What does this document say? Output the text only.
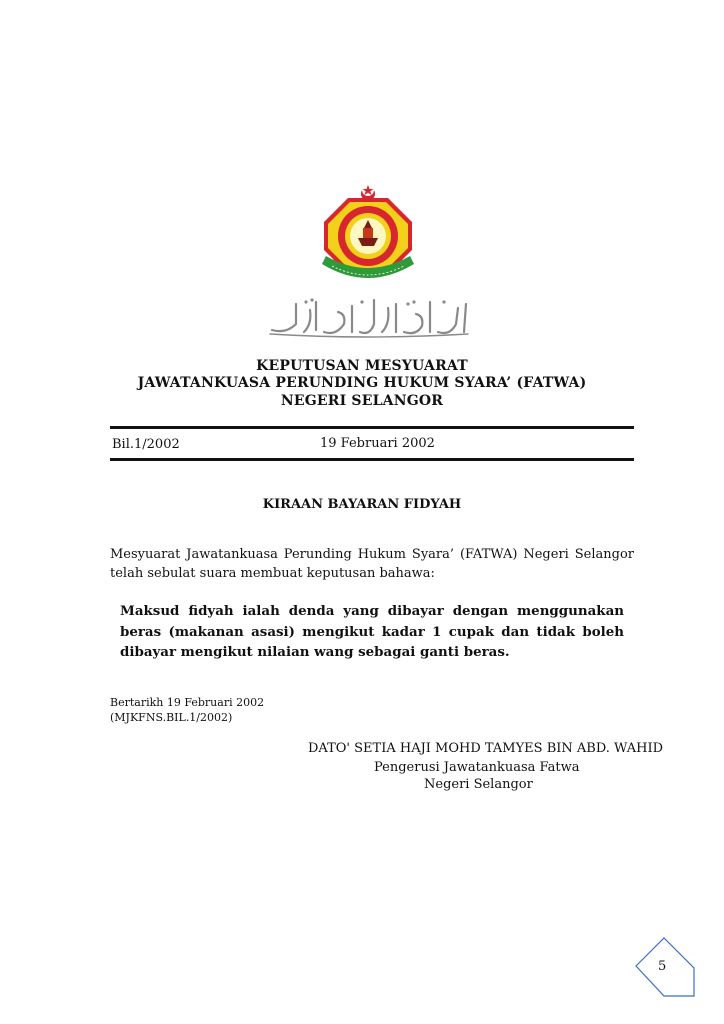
KEPUTUSAN MESYUARAT
JAWATANKUASA PERUNDING HUKUM SYARA’ (FATWA)
NEGERI SELANGOR
Bil.1/2002	19 Februari 2002
KIRAAN BAYARAN FIDYAH
Mesyuarat Jawatankuasa Perunding Hukum Syara’ (FATWA) Negeri Selangor telah sebulat suara membuat keputusan bahawa:
Maksud fidyah ialah denda yang dibayar dengan menggunakan beras (makanan asasi) mengikut kadar 1 cupak dan tidak boleh dibayar mengikut nilaian wang sebagai ganti beras.
Bertarikh 19 Februari 2002
(MJKFNS.BIL.1/2002)
DATO' SETIA HAJI MOHD TAMYES BIN ABD. WAHID
Pengerusi Jawatankuasa Fatwa
Negeri Selangor
5
